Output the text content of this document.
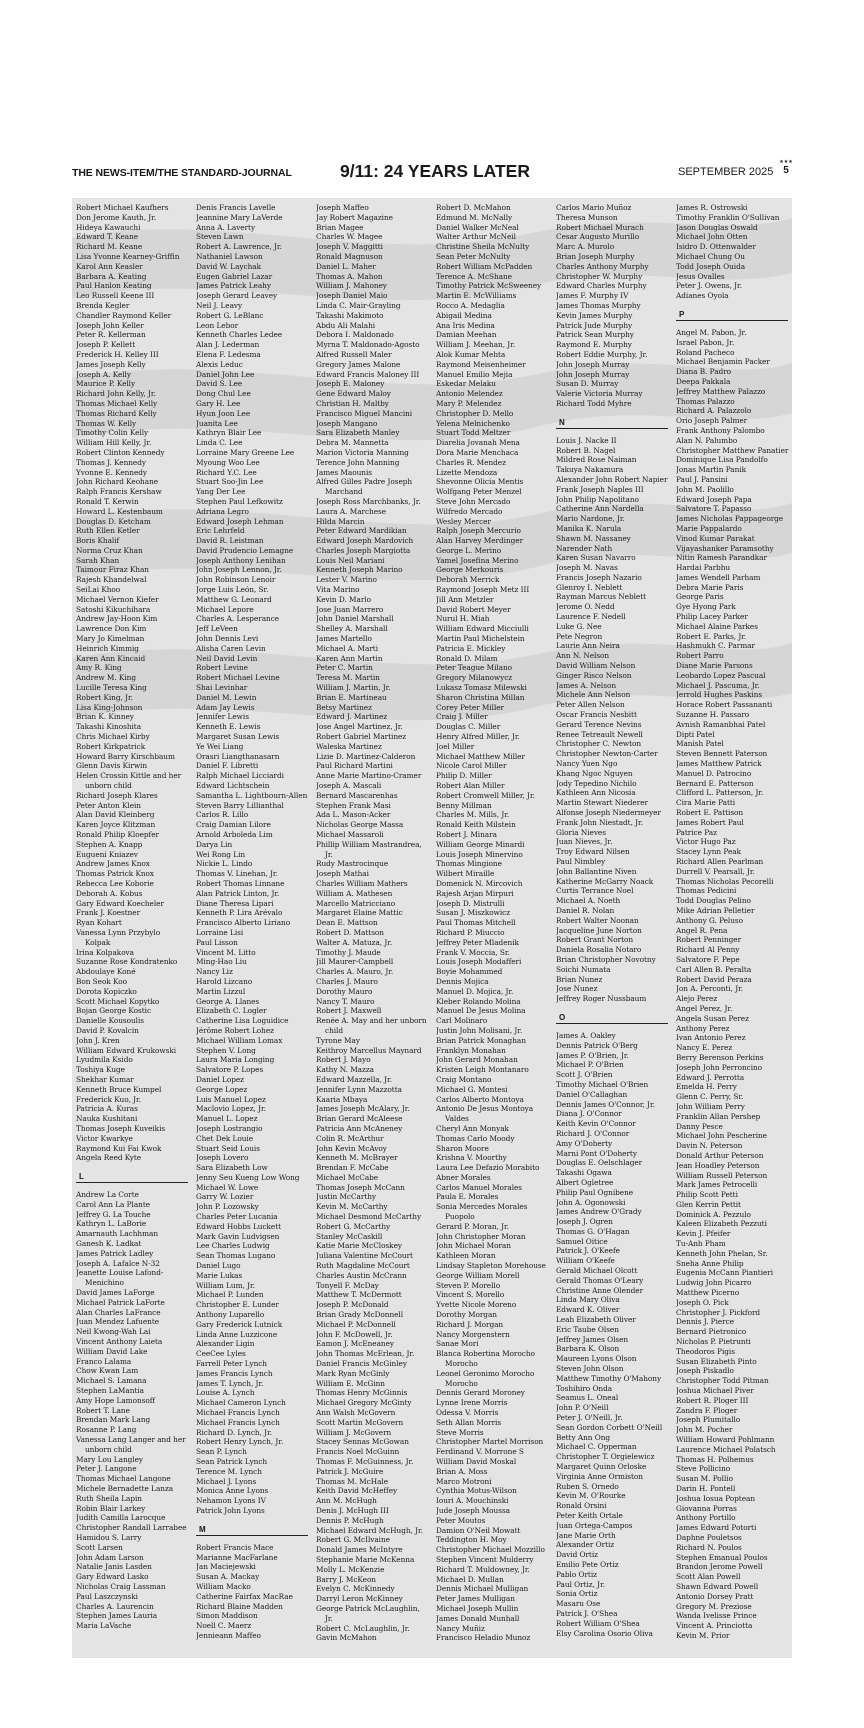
THE NEWS-ITEM/THE STANDARD-JOURNAL	9/11: 24 YEARS LATER	SEPTEMBER 2025
★★★
5
Robert Michael Kaufhers
Don Jerome Kauth, Jr.
Hideya Kawauchi
Edward T. Keane
Richard M. Keane
Lisa Yvonne Kearney-Griffin
Karol Ann Keasler
Barbara A. Keating
Paul Hanlon Keating
Leo Russell Keene III
Brenda Kegler
Chandler Raymond Keller
Joseph John Keller
Peter R. Kellerman
Joseph P. Kellett
Frederick H. Kelley III
James Joseph Kelly
Joseph A. Kelly
Maurice P. Kelly
Richard John Kelly, Jr.
Thomas Michael Kelly
Thomas Richard Kelly
Thomas W. Kelly
Timothy Colin Kelly
William Hill Kelly, Jr.
Robert Clinton Kennedy
Thomas J. Kennedy
Yvonne E. Kennedy
John Richard Keohane
Ralph Francis Kershaw
Ronald T. Kerwin
Howard L. Kestenbaum
Douglas D. Ketcham
Ruth Ellen Ketler
Boris Khalif
Norma Cruz Khan
Sarah Khan
Taimour Firaz Khan
Rajesh Khandelwal
SeiLai Khoo
Michael Vernon Kiefer
Satoshi Kikuchihara
Andrew Jay-Hoon Kim
Lawrence Don Kim
Mary Jo Kimelman
Heinrich Kimmig
Karen Ann Kincaid
Amy R. King
Andrew M. King
Lucille Teresa King
Robert King, Jr.
Lisa King-Johnson
Brian K. Kinney
Takashi Kinoshita
Chris Michael Kirby
Robert Kirkpatrick
Howard Barry Kirschbaum
Glenn Davis Kirwin
Helen Crossin Kittle and her
unborn child
Richard Joseph Klares
Peter Anton Klein
Alan David Kleinberg
Karen Joyce Klitzman
Ronald Philip Kloepfer
Stephen A. Knapp
Eugueni Kniazev
Andrew James Knox
Thomas Patrick Knox
Rebecca Lee Koborie
Deborah A. Kobus
Gary Edward Koecheler
Frank J. Koestner
Ryan Kohart
Vanessa Lynn Przybylo
Kolpak
Irina Kolpakova
Suzanne Rose Kondratenko
Abdoulaye Koné
Bon Seok Koo
Dorota Kopiczko
Scott Michael Kopytko
Bojan George Kostic
Danielle Kousoulis
David P. Kovalcin
John J. Kren
William Edward Krukowski
Lyudmila Ksido
Toshiya Kuge
Shekhar Kumar
Kenneth Bruce Kumpel
Frederick Kuo, Jr.
Patricia A. Kuras
Nauka Kushitani
Thomas Joseph Kuveikis
Victor Kwarkye
Raymond Kui Fai Kwok
Angela Reed Kyte
L
Andrew La Corte
Carol Ann La Plante
Jeffrey G. La Touche
Kathryn L. LaBorie
Amarnauth Lachhman
Ganesh K. Ladkat
James Patrick Ladley
Joseph A. Lafalce N-32
Jeanette Louise Lafond-
Menichino
David James LaForge
Michael Patrick LaForte
Alan Charles LaFrance
Juan Mendez Lafuente
Neil Kwong-Wah Lai
Vincent Anthony Laieta
William David Lake
Franco Lalama
Chow Kwan Lam
Michael S. Lamana
Stephen LaMantia
Amy Hope Lamonsoff
Robert T. Lane
Brendan Mark Lang
Rosanne P. Lang
Vanessa Lang Langer and her
unborn child
Mary Lou Langley
Peter J. Langone
Thomas Michael Langone
Michele Bernadette Lanza
Ruth Sheila Lapin
Robin Blair Larkey
Judith Camilla Larocque
Christopher Randall Larrabee
Hamidou S. Larry
Scott Larsen
John Adam Larson
Natalie Janis Lasden
Gary Edward Lasko
Nicholas Craig Lassman
Paul Laszczynski
Charles A. Laurencin
Stephen James Lauria
Maria LaVache
Denis Francis Lavelle
Jeannine Mary LaVerde
Anna A. Laverty
Steven Lawn
Robert A. Lawrence, Jr.
Nathaniel Lawson
David W. Laychak
Eugen Gabriel Lazar
James Patrick Leahy
Joseph Gerard Leavey
Neil J. Leavy
Robert G. LeBlanc
Leon Lebor
Kenneth Charles Ledee
Alan J. Lederman
Elena F. Ledesma
Alexis Leduc
Daniel John Lee
David S. Lee
Dong Chul Lee
Gary H. Lee
Hyun Joon Lee
Juanita Lee
Kathryn Blair Lee
Linda C. Lee
Lorraine Mary Greene Lee
Myoung Woo Lee
Richard Y.C. Lee
Stuart Soo-Jin Lee
Yang Der Lee
Stephen Paul Lefkowitz
Adriana Legro
Edward Joseph Lehman
Eric Lehrfeld
David R. Leistman
David Prudencio Lemagne
Joseph Anthony Lenihan
John Joseph Lennon, Jr.
John Robinson Lenoir
Jorge Luis León, Sr.
Matthew G. Leonard
Michael Lepore
Charles A. Lesperance
Jeff LeVeen
John Dennis Levi
Alisha Caren Levin
Neil David Levin
Robert Levine
Robert Michael Levine
Shai Levinhar
Daniel M. Lewin
Adam Jay Lewis
Jennifer Lewis
Kenneth E. Lewis
Margaret Susan Lewis
Ye Wei Liang
Orasri Liangthanasarn
Daniel F. Libretti
Ralph Michael Licciardi
Edward Lichtschein
Samantha L. Lightbourn-Allen
Steven Barry Lillianthal
Carlos R. Lillo
Craig Damian Lilore
Arnold Arboleda Lim
Darya Lin
Wei Rong Lin
Nickie L. Lindo
Thomas V. Linehan, Jr.
Robert Thomas Linnane
Alan Patrick Linton, Jr.
Diane Theresa Lipari
Kenneth P. Lira Arévalo
Francisco Alberto Liriano
Lorraine Lisi
Paul Lisson
Vincent M. Litto
Ming-Hao Liu
Nancy Liz
Harold Lizcano
Martin Lizzul
George A. Llanes
Elizabeth C. Logler
Catherine Lisa Loguidice
Jérôme Robert Lohez
Michael William Lomax
Stephen V. Long
Laura Maria Longing
Salvatore P. Lopes
Daniel Lopez
George Lopez
Luis Manuel Lopez
Maclovio Lopez, Jr.
Manuel L. Lopez
Joseph Lostrangio
Chet Dek Louie
Stuart Seid Louis
Joseph Lovero
Sara Elizabeth Low
Jenny Seu Kueng Low Wong
Michael W. Lowe
Garry W. Lozier
John P. Lozowsky
Charles Peter Lucania
Edward Hobbs Luckett
Mark Gavin Ludvigsen
Lee Charles Ludwig
Sean Thomas Lugano
Daniel Lugo
Marie Lukas
William Lum, Jr.
Michael P. Lunden
Christopher E. Lunder
Anthony Luparello
Gary Frederick Lutnick
Linda Anne Luzzicone
Alexander Ligin
CeeCee Lyles
Farrell Peter Lynch
James Francis Lynch
James T. Lynch, Jr.
Louise A. Lynch
Michael Cameron Lynch
Michael Francis Lynch
Michael Francis Lynch
Richard D. Lynch, Jr.
Robert Henry Lynch, Jr.
Sean P. Lynch
Sean Patrick Lynch
Terence M. Lynch
Michael J. Lyons
Monica Anne Lyons
Nehamon Lyons IV
Patrick John Lyons
M
Robert Francis Mace
Marianne MacFarlane
Jan Maciejewski
Susan A. Mackay
William Macko
Catherine Fairfax MacRae
Richard Blaine Madden
Simon Maddison
Noell C. Maerz
Jennieann Maffeo
Joseph Maffeo
Jay Robert Magazine
Brian Magee
Charles W. Magee
Joseph V. Maggitti
Ronald Magnuson
Daniel L. Maher
Thomas A. Mahon
William J. Mahoney
Joseph Daniel Maio
Linda C. Mair-Grayling
Takashi Makimoto
Abdu Ali Malahi
Debora I. Maldonado
Myrna T. Maldonado-Agosto
Alfred Russell Maler
Gregory James Malone
Edward Francis Maloney III
Joseph E. Maloney
Gene Edward Maloy
Christian H. Maltby
Francisco Miguel Mancini
Joseph Mangano
Sara Elizabeth Manley
Debra M. Mannetta
Marion Victoria Manning
Terence John Manning
James Maounis
Alfred Gilles Padre Joseph
Marchand
Joseph Ross Marchbanks, Jr.
Laura A. Marchese
Hilda Marcin
Peter Edward Mardikian
Edward Joseph Mardovich
Charles Joseph Margiotta
Louis Neil Mariani
Kenneth Joseph Marino
Lester V. Marino
Vita Marino
Kevin D. Marlo
Jose Juan Marrero
John Daniel Marshall
Shelley A. Marshall
James Martello
Michael A. Marti
Karen Ann Martin
Peter C. Martin
Teresa M. Martin
William J. Martin, Jr.
Brian E. Martineau
Betsy Martinez
Edward J. Martinez
Jose Angel Martinez, Jr.
Robert Gabriel Martinez
Waleska Martinez
Lizie D. Martinez-Calderon
Paul Richard Martini
Anne Marie Martino-Cramer
Joseph A. Mascali
Bernard Mascarenhas
Stephen Frank Masi
Ada L. Mason-Acker
Nicholas George Massa
Michael Massaroli
Phillip William Mastrandrea,
Jr.
Rudy Mastrocinque
Joseph Mathai
Charles William Mathers
William A. Mathesen
Marcello Matricciano
Margaret Elaine Mattic
Dean E. Mattson
Robert D. Mattson
Walter A. Matuza, Jr.
Timothy J. Maude
Jill Maurer-Campbell
Charles A. Mauro, Jr.
Charles J. Mauro
Dorothy Mauro
Nancy T. Mauro
Robert J. Maxwell
Renée A. May and her unborn
child
Tyrone May
Keithroy Marcellus Maynard
Robert J. Mayo
Kathy N. Mazza
Edward Mazzella, Jr.
Jennifer Lynn Mazzotta
Kaaria Mbaya
James Joseph McAlary, Jr.
Brian Gerard McAleese
Patricia Ann McAneney
Colin R. McArthur
John Kevin McAvoy
Kenneth M. McBrayer
Brendan F. McCabe
Michael McCabe
Thomas Joseph McCann
Justin McCarthy
Kevin M. McCarthy
Michael Desmond McCarthy
Robert G. McCarthy
Stanley McCaskill
Katie Marie McCloskey
Juliana Valentine McCourt
Ruth Magdaline McCourt
Charles Austin McCrann
Tonyell F. McDay
Matthew T. McDermott
Joseph P. McDonald
Brian Grady McDonnell
Michael P. McDonnell
John F. McDowell, Jr.
Eamon J. McEneaney
John Thomas McErlean, Jr.
Daniel Francis McGinley
Mark Ryan McGinly
William E. McGinn
Thomas Henry McGinnis
Michael Gregory McGinty
Ann Walsh McGovern
Scott Martin McGovern
William J. McGovern
Stacey Sennas McGowan
Francis Noel McGuinn
Thomas F. McGuinness, Jr.
Patrick J. McGuire
Thomas M. McHale
Keith David McHeffey
Ann M. McHugh
Denis J. McHugh III
Dennis P. McHugh
Michael Edward McHugh, Jr.
Robert G. McIlvaine
Donald James McIntyre
Stephanie Marie McKenna
Molly L. McKenzie
Barry J. McKeon
Evelyn C. McKinnedy
Darryl Leron McKinney
George Patrick McLaughlin,
Jr.
Robert C. McLaughlin, Jr.
Gavin McMahon
Robert D. McMahon
Edmund M. McNally
Daniel Walker McNeal
Walter Arthur McNeil
Christine Sheila McNulty
Sean Peter McNulty
Robert William McPadden
Terence A. McShane
Timothy Patrick McSweeney
Martin E. McWilliams
Rocco A. Medaglia
Abigail Medina
Ana Iris Medina
Damian Meehan
William J. Meehan, Jr.
Alok Kumar Mehta
Raymond Meisenheimer
Manuel Emilio Mejia
Eskedar Melaku
Antonio Melendez
Mary P. Melendez
Christopher D. Mello
Yelena Melnichenko
Stuart Todd Meltzer
Diarelia Jovanah Mena
Dora Marie Menchaca
Charles R. Mendez
Lizette Mendoza
Shevonne Olicia Mentis
Wolfgang Peter Menzel
Steve John Mercado
Wilfredo Mercado
Wesley Mercer
Ralph Joseph Mercurio
Alan Harvey Merdinger
George L. Merino
Yamel Josefina Merino
George Merkouris
Deborah Merrick
Raymond Joseph Metz III
Jill Ann Metzler
David Robert Meyer
Nurul H. Miah
William Edward Micciulli
Martin Paul Michelstein
Patricia E. Mickley
Ronald D. Milam
Peter Teague Milano
Gregory Milanowycz
Lukasz Tomasz Milewski
Sharon Christina Millan
Corey Peter Miller
Craig J. Miller
Douglas C. Miller
Henry Alfred Miller, Jr.
Joel Miller
Michael Matthew Miller
Nicole Carol Miller
Philip D. Miller
Robert Alan Miller
Robert Cromwell Miller, Jr.
Benny Millman
Charles M. Mills, Jr.
Ronald Keith Milstein
Robert J. Minara
William George Minardi
Louis Joseph Minervino
Thomas Mingione
Wilbert Miraille
Domenick N. Mircovich
Rajesh Arjan Mirpuri
Joseph D. Mistrulli
Susan J. Miszkowicz
Paul Thomas Mitchell
Richard P. Miuccio
Jeffrey Peter Mladenik
Frank V. Moccia, Sr.
Louis Joseph Modafferi
Boyie Mohammed
Dennis Mojica
Manuel D. Mojica, Jr.
Kleber Rolando Molina
Manuel De Jesus Molina
Carl Molinaro
Justin John Molisani, Jr.
Brian Patrick Monaghan
Franklyn Monahan
John Gerard Monahan
Kristen Leigh Montanaro
Craig Montano
Michael G. Montesi
Carlos Alberto Montoya
Antonio De Jesus Montoya
Valdes
Cheryl Ann Monyak
Thomas Carlo Moody
Sharon Moore
Krishna V. Moorthy
Laura Lee Defazio Morabito
Abner Morales
Carlos Manuel Morales
Paula E. Morales
Sonia Mercedes Morales
Puopolo
Gerard P. Moran, Jr.
John Christopher Moran
John Michael Moran
Kathleen Moran
Lindsay Stapleton Morehouse
George William Morell
Steven P. Morello
Vincent S. Morello
Yvette Nicole Moreno
Dorothy Morgan
Richard J. Morgan
Nancy Morgenstern
Sanae Mori
Blanca Robertina Morocho
Morocho
Leonel Geronimo Morocho
Morocho
Dennis Gerard Moroney
Lynne Irene Morris
Odessa V. Morris
Seth Allan Morris
Steve Morris
Christopher Martel Morrison
Ferdinand V. Morrone S
William David Moskal
Brian A. Moss
Marco Motroni
Cynthia Motus-Wilson
Iouri A. Mouchinski
Jude Joseph Moussa
Peter Moutos
Damion O'Neil Mowatt
Teddington H. Moy
Christopher Michael Mozzillo
Stephen Vincent Mulderry
Richard T. Muldowney, Jr.
Michael D. Mullan
Dennis Michael Mulligan
Peter James Mulligan
Michael Joseph Mullin
James Donald Munhall
Nancy Muñiz
Francisco Heladio Munoz
Carlos Mario Muñoz
Theresa Munson
Robert Michael Murach
Cesar Augusto Murillo
Marc A. Murolo
Brian Joseph Murphy
Charles Anthony Murphy
Christopher W. Murphy
Edward Charles Murphy
James F. Murphy IV
James Thomas Murphy
Kevin James Murphy
Patrick Jude Murphy
Patrick Sean Murphy
Raymond E. Murphy
Robert Eddie Murphy, Jr.
John Joseph Murray
John Joseph Murray
Susan D. Murray
Valerie Victoria Murray
Richard Todd Myhre
N
Louis J. Nacke II
Robert B. Nagel
Mildred Rose Naiman
Takuya Nakamura
Alexander John Robert Napier
Frank Joseph Naples III
John Philip Napolitano
Catherine Ann Nardella
Mario Nardone, Jr.
Manika K. Narula
Shawn M. Nassaney
Narender Nath
Karen Susan Navarro
Joseph M. Navas
Francis Joseph Nazario
Glenroy I. Neblett
Rayman Marcus Neblett
Jerome O. Nedd
Laurence F. Nedell
Luke G. Nee
Pete Negron
Laurie Ann Neira
Ann N. Nelson
David William Nelson
Ginger Risco Nelson
James A. Nelson
Michele Ann Nelson
Peter Allen Nelson
Oscar Francis Nesbitt
Gerard Terence Nevins
Renee Tetreault Newell
Christopher C. Newton
Christopher Newton-Carter
Nancy Yuen Ngo
Khang Ngoc Nguyen
Jody Tepedino Nichilo
Kathleen Ann Nicosia
Martin Stewart Niederer
Alfonse Joseph Niedermeyer
Frank John Niestadt, Jr.
Gloria Nieves
Juan Nieves, Jr.
Troy Edward Nilsen
Paul Nimbley
John Ballantine Niven
Katherine McGarry Noack
Curtis Terrance Noel
Michael A. Noeth
Daniel R. Nolan
Robert Walter Noonan
Jacqueline June Norton
Robert Grant Norton
Daniela Rosalia Notaro
Brian Christopher Novotny
Soichi Numata
Brian Nunez
Jose Nunez
Jeffrey Roger Nussbaum
O
James A. Oakley
Dennis Patrick O'Berg
James P. O'Brien, Jr.
Michael P. O'Brien
Scott J. O'Brien
Timothy Michael O'Brien
Daniel O'Callaghan
Dennis James O'Connor, Jr.
Diana J. O'Connor
Keith Kevin O'Connor
Richard J. O'Connor
Amy O'Doherty
Marni Pont O'Doherty
Douglas E. Oelschlager
Takashi Ogawa
Albert Ogletree
Philip Paul Ognibene
John A. Ogonowski
James Andrew O'Grady
Joseph J. Ogren
Thomas G. O'Hagan
Samuel Oitice
Patrick J. O'Keefe
William O'Keefe
Gerald Michael Olcott
Gerald Thomas O'Leary
Christine Anne Olender
Linda Mary Oliva
Edward K. Oliver
Leah Elizabeth Oliver
Eric Taube Olsen
Jeffrey James Olsen
Barbara K. Olson
Maureen Lyons Olson
Steven John Olson
Matthew Timothy O'Mahony
Toshihiro Onda
Seamus L. Oneal
John P. O'Neill
Peter J. O'Neill, Jr.
Sean Gordon Corbett O'Neill
Betty Ann Ong
Michael C. Opperman
Christopher T. Orgielewicz
Margaret Quinn Orloske
Virginia Anne Ormiston
Ruben S. Ornedo
Kevin M. O'Rourke
Ronald Orsini
Peter Keith Ortale
Juan Ortega-Campos
Jane Marie Orth
Alexander Ortiz
David Ortiz
Emilio Pete Ortiz
Pablo Ortiz
Paul Ortiz, Jr.
Sonia Ortiz
Masaru Ose
Patrick J. O'Shea
Robert William O'Shea
Elsy Carolina Osorio Oliva
James R. Ostrowski
Timothy Franklin O'Sullivan
Jason Douglas Oswald
Michael John Otten
Isidro D. Ottenwalder
Michael Chung Ou
Todd Joseph Ouida
Jesus Ovalles
Peter J. Owens, Jr.
Adianes Oyola
P
Angel M. Pabon, Jr.
Israel Pabon, Jr.
Roland Pacheco
Michael Benjamin Packer
Diana B. Padro
Deepa Pakkala
Jeffrey Matthew Palazzo
Thomas Palazzo
Richard A. Palazzolo
Orio Joseph Palmer
Frank Anthony Palombo
Alan N. Palumbo
Christopher Matthew Panatier
Dominique Lisa Pandolfo
Jonas Martin Panik
Paul J. Pansini
John M. Paolillo
Edward Joseph Papa
Salvatore T. Papasso
James Nicholas Pappageorge
Marie Pappalardo
Vinod Kumar Parakat
Vijayashanker Paramsothy
Nitin Ramesh Parandkar
Hardai Parbhu
James Wendell Parham
Debra Marie Paris
George Paris
Gye Hyong Park
Philip Lacey Parker
Michael Alaine Parkes
Robert E. Parks, Jr.
Hashmukh C. Parmar
Robert Parro
Diane Marie Parsons
Leobardo Lopez Pascual
Michael J. Pascuma, Jr.
Jerrold Hughes Paskins
Horace Robert Passananti
Suzanne H. Passaro
Avnish Ramanbhai Patel
Dipti Patel
Manish Patel
Steven Bennett Paterson
James Matthew Patrick
Manuel D. Patrocino
Bernard E. Patterson
Clifford L. Patterson, Jr.
Cira Marie Patti
Robert E. Pattison
James Robert Paul
Patrice Paz
Victor Hugo Paz
Stacey Lynn Peak
Richard Allen Pearlman
Durrell V. Pearsall, Jr.
Thomas Nicholas Pecorelli
Thomas Pedicini
Todd Douglas Pelino
Mike Adrian Pelletier
Anthony G. Peluso
Angel R. Pena
Robert Penninger
Richard Al Penny
Salvatore F. Pepe
Carl Allen B. Peralta
Robert David Peraza
Jon A. Perconti, Jr.
Alejo Perez
Angel Perez, Jr.
Angela Susan Perez
Anthony Perez
Ivan Antonio Perez
Nancy E. Perez
Berry Berenson Perkins
Joseph John Perroncino
Edward J. Perrotta
Emelda H. Perry
Glenn C. Perry, Sr.
John William Perry
Franklin Allan Pershep
Danny Pesce
Michael John Pescherine
Davin N. Peterson
Donald Arthur Peterson
Jean Hoadley Peterson
William Russell Peterson
Mark James Petrocelli
Philip Scott Petti
Glen Kerrin Pettit
Dominick A. Pezzulo
Kaleen Elizabeth Pezzuti
Kevin J. Pfeifer
Tu-Anh Pham
Kenneth John Phelan, Sr.
Sneha Anne Philip
Eugenia McCann Piantieri
Ludwig John Picarro
Matthew Picerno
Joseph O. Pick
Christopher J. Pickford
Dennis J. Pierce
Bernard Pietronico
Nicholas P. Pietrunti
Theodoros Pigis
Susan Elizabeth Pinto
Joseph Piskadlo
Christopher Todd Pitman
Joshua Michael Piver
Robert R. Ploger III
Zandra F. Ploger
Joseph Plumitallo
John M. Pocher
William Howard Pohlmann
Laurence Michael Polatsch
Thomas H. Polhemus
Steve Pollicino
Susan M. Pollio
Darin H. Pontell
Joshua Iosua Poptean
Giovanna Porras
Anthony Portillo
James Edward Potorti
Daphne Pouletsos
Richard N. Poulos
Stephen Emanual Poulos
Brandon Jerome Powell
Scott Alan Powell
Shawn Edward Powell
Antonio Dorsey Pratt
Gregory M. Preziose
Wanda Ivelisse Prince
Vincent A. Princiotta
Kevin M. Prior
